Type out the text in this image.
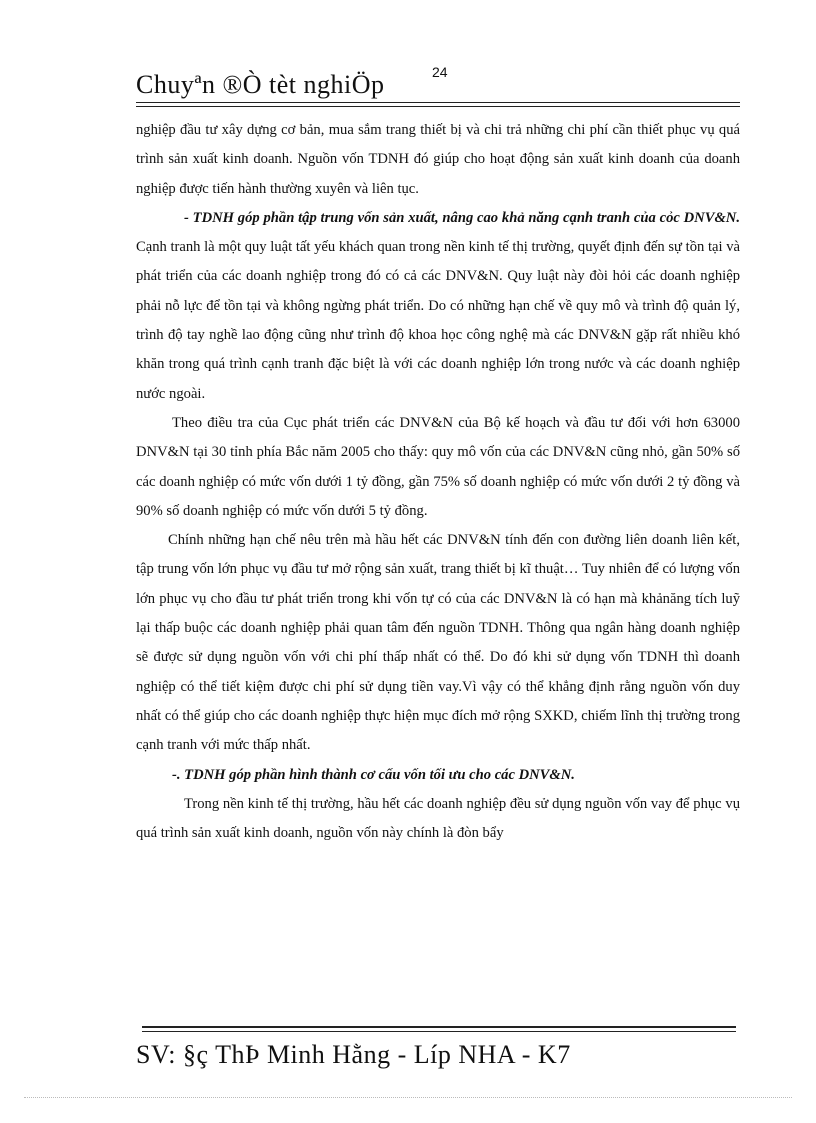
Chuyªn ®Ò tèt nghiÖp	24

nghiệp đầu tư xây dựng cơ bản, mua sắm trang thiết bị và chi trả những chi phí cần thiết phục vụ quá trình sản xuất kinh doanh. Nguồn vốn TDNH đó giúp cho hoạt động sản xuất kinh doanh của doanh nghiệp được tiến hành thường xuyên và liên tục.

- TDNH góp phần tập trung vốn sản xuất, nâng cao khả năng cạnh tranh của cỏc DNV&N. Cạnh tranh là một quy luật tất yếu khách quan trong nền kinh tế thị trường, quyết định đến sự tồn tại và phát triển của các doanh nghiệp trong đó có cả các DNV&N. Quy luật này đòi hỏi các doanh nghiệp phải nỗ lực để tồn tại và không ngừng phát triển. Do có những hạn chế về quy mô và trình độ quản lý, trình độ tay nghề lao động cũng như trình độ khoa học công nghệ mà các DNV&N gặp rất nhiều khó khăn trong quá trình cạnh tranh đặc biệt là với các doanh nghiệp lớn trong nước và các doanh nghiệp nước ngoài.

Theo điều tra của Cục phát triển các DNV&N của Bộ kế hoạch và đầu tư đối với hơn 63000 DNV&N tại 30 tỉnh phía Bắc năm 2005 cho thấy: quy mô vốn của các DNV&N cũng nhỏ, gần 50% số các doanh nghiệp có mức vốn dưới 1 tỷ đồng, gần 75% số doanh nghiệp có mức vốn dưới 2 tỷ đồng và 90% số doanh nghiệp có mức vốn dưới 5 tỷ đồng.

Chính những hạn chế nêu trên mà hầu hết các DNV&N tính đến con đường liên doanh liên kết, tập trung vốn lớn phục vụ đầu tư mở rộng sản xuất, trang thiết bị kĩ thuật… Tuy nhiên để có lượng vốn lớn phục vụ cho đầu tư phát triển trong khi vốn tự có của các DNV&N là có hạn mà khảnăng tích luỹ lại thấp buộc các doanh nghiệp phải quan tâm đến nguồn TDNH. Thông qua ngân hàng doanh nghiệp sẽ được sử dụng nguồn vốn với chi phí thấp nhất có thể. Do đó khi sử dụng vốn TDNH thì doanh nghiệp có thể tiết kiệm được chi phí sử dụng tiền vay.Vì vậy có thể khẳng định rằng nguồn vốn duy nhất có thể giúp cho các doanh nghiệp thực hiện mục đích mở rộng SXKD, chiếm lĩnh thị trường trong cạnh tranh với mức thấp nhất.

-. TDNH góp phần hình thành cơ cấu vốn tối ưu cho các DNV&N.

Trong nền kinh tế thị trường, hầu hết các doanh nghiệp đều sử dụng nguồn vốn vay để phục vụ quá trình sản xuất kinh doanh, nguồn vốn này chính là đòn bẩy

SV: §ç ThÞ Minh Hằng - Líp NHA - K7
